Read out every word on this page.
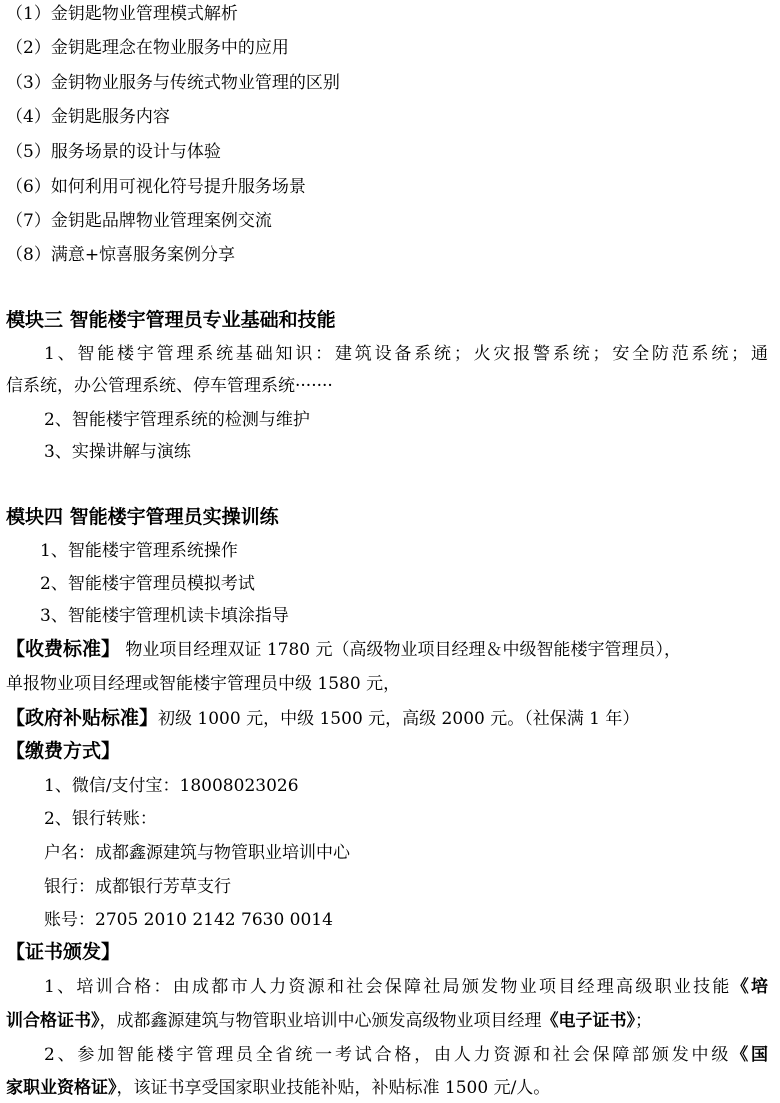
（1）金钥匙物业管理模式解析
（2）金钥匙理念在物业服务中的应用
（3）金钥物业服务与传统式物业管理的区别
（4）金钥匙服务内容
（5）服务场景的设计与体验
（6）如何利用可视化符号提升服务场景
（7）金钥匙品牌物业管理案例交流
（8）满意+惊喜服务案例分享
模块三 智能楼宇管理员专业基础和技能
1、智能楼宇管理系统基础知识：建筑设备系统；火灾报警系统；安全防范系统；通
信系统，办公管理系统、停车管理系统·······
2、智能楼宇管理系统的检测与维护
3、实操讲解与演练
模块四 智能楼宇管理员实操训练
1、智能楼宇管理系统操作
2、智能楼宇管理员模拟考试
3、智能楼宇管理机读卡填涂指导
【收费标准】 物业项目经理双证 1780 元（高级物业项目经理＆中级智能楼宇管理员），
单报物业项目经理或智能楼宇管理员中级 1580 元，
【政府补贴标准】初级 1000 元，中级 1500 元，高级 2000 元。（社保满 1 年）
【缴费方式】
1、微信/支付宝：18008023026
2、银行转账：
户名：成都鑫源建筑与物管职业培训中心
银行：成都银行芳草支行
账号：2705 2010 2142 7630 0014
【证书颁发】
1、培训合格：由成都市人力资源和社会保障社局颁发物业项目经理高级职业技能《培
训合格证书》，成都鑫源建筑与物管职业培训中心颁发高级物业项目经理《电子证书》；
2、参加智能楼宇管理员全省统一考试合格，由人力资源和社会保障部颁发中级《国
家职业资格证》，该证书享受国家职业技能补贴，补贴标准 1500 元/人。
